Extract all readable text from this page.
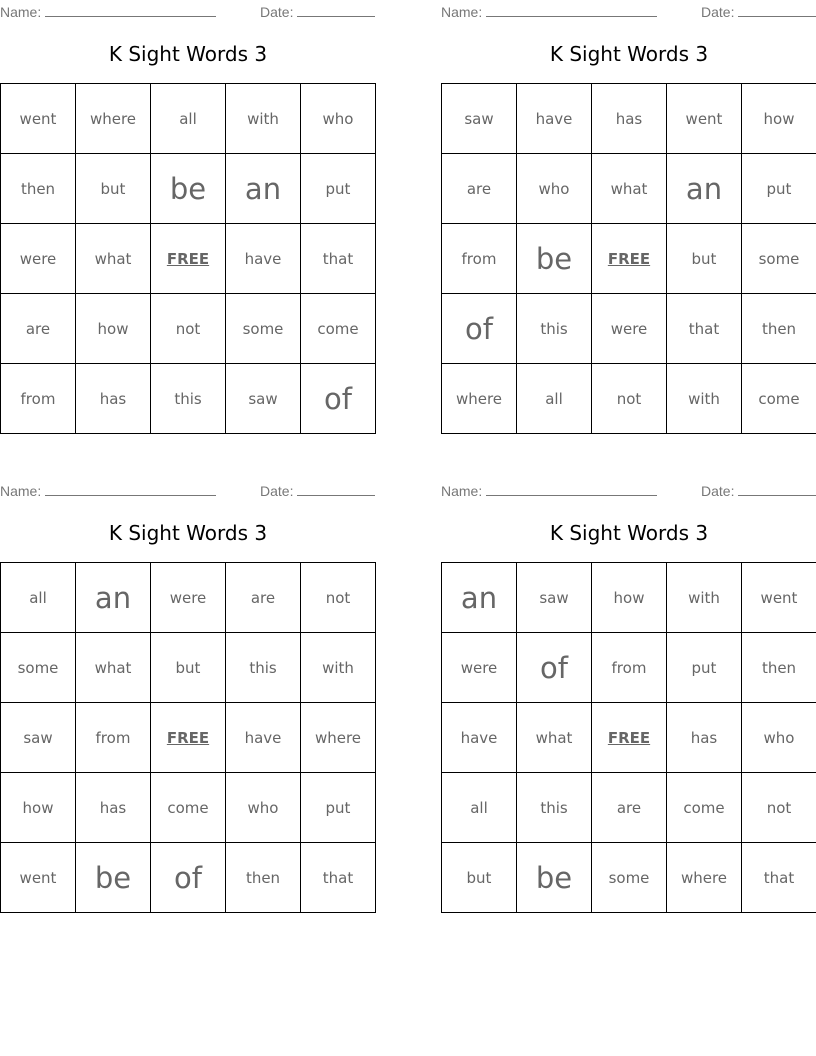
Name:	Date:
K Sight Words 3
went	where	all	with	who
then	but	be	an	put
were	what	FREE	have	that
are	how	not	some	come
from	has	this	saw	of
Name:	Date:
K Sight Words 3
saw	have	has	went	how
are	who	what	an	put
from	be	FREE	but	some
of	this	were	that	then
where	all	not	with	come
Name:	Date:
K Sight Words 3
all	an	were	are	not
some	what	but	this	with
saw	from	FREE	have	where
how	has	come	who	put
went	be	of	then	that
Name:	Date:
K Sight Words 3
an	saw	how	with	went
were	of	from	put	then
have	what	FREE	has	who
all	this	are	come	not
but	be	some	where	that
